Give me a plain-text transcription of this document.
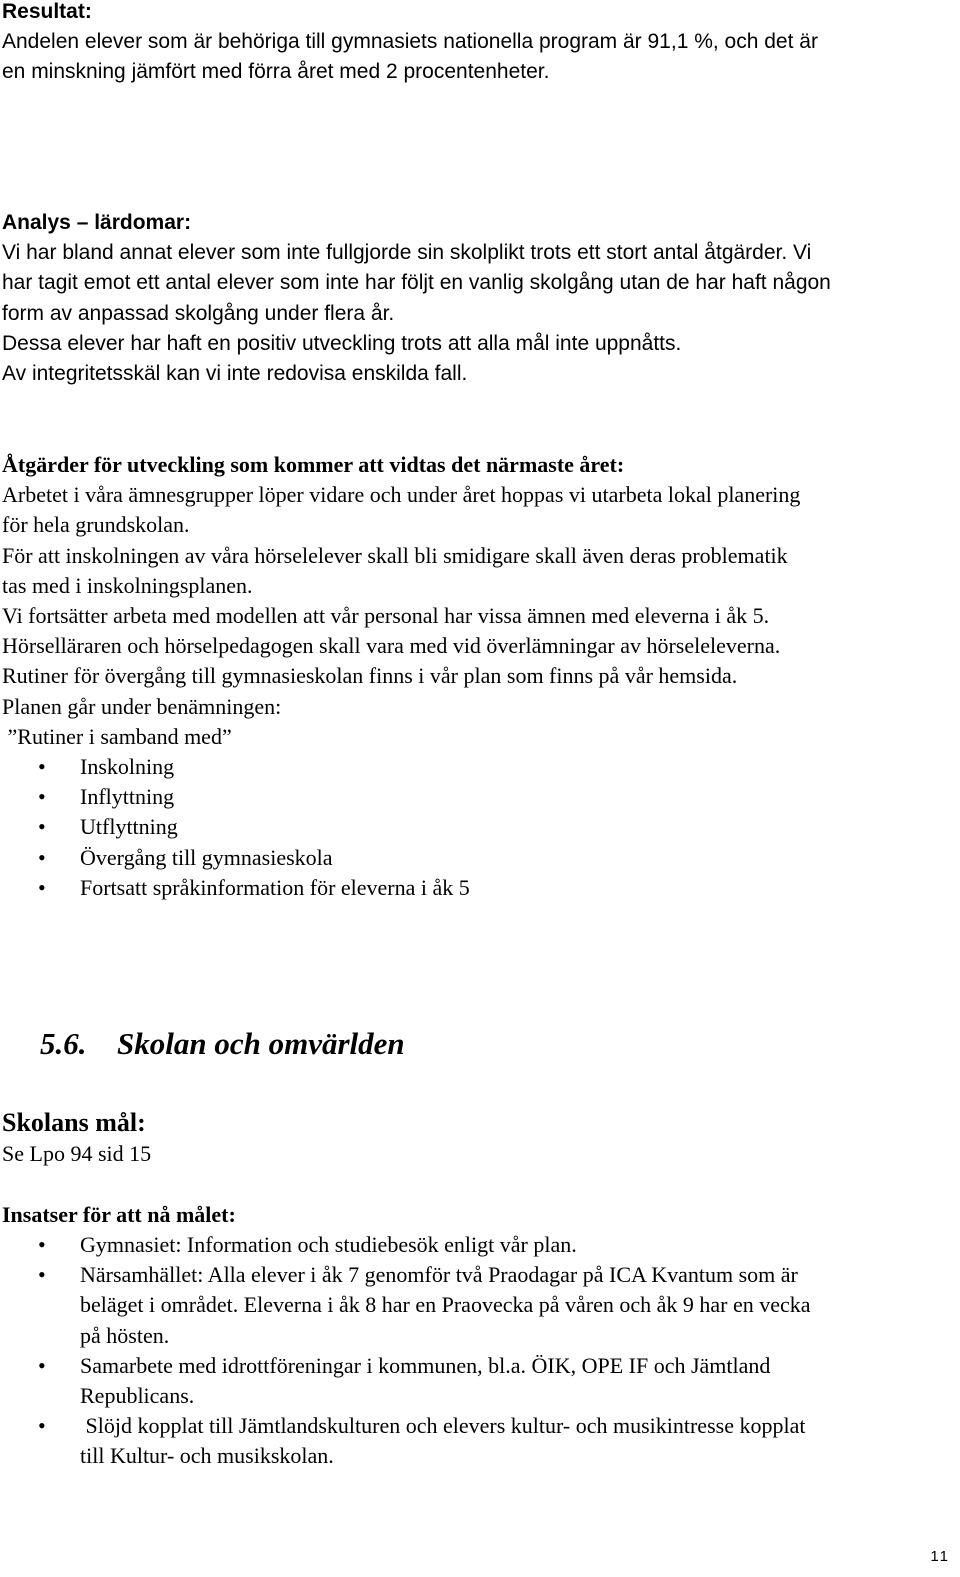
Resultat:
Andelen elever som är behöriga till gymnasiets nationella program är 91,1 %, och det är
en minskning jämfört med förra året med 2 procentenheter.
Analys – lärdomar:
Vi har bland annat elever som inte fullgjorde sin skolplikt trots ett stort antal åtgärder. Vi
har tagit emot ett antal elever som inte har följt en vanlig skolgång utan de har haft någon
form av anpassad skolgång under flera år.
Dessa elever har haft en positiv utveckling trots att alla mål inte uppnåtts.
Av integritetsskäl kan vi inte redovisa enskilda fall.
Åtgärder för utveckling som kommer att vidtas det närmaste året:
Arbetet i våra ämnesgrupper löper vidare och under året hoppas vi utarbeta lokal planering
för hela grundskolan.
För att inskolningen av våra hörselelever skall bli smidigare skall även deras problematik
tas med i inskolningsplanen.
Vi fortsätter arbeta med modellen att vår personal har vissa ämnen med eleverna i åk 5.
Hörselläraren och hörselpedagogen skall vara med vid överlämningar av hörseleleverna.
Rutiner för övergång till gymnasieskolan finns i vår plan som finns på vår hemsida.
Planen går under benämningen:
”Rutiner i samband med”
• Inskolning
• Inflyttning
• Utflyttning
• Övergång till gymnasieskola
• Fortsatt språkinformation för eleverna i åk 5
5.6. Skolan och omvärlden
Skolans mål:
Se Lpo 94 sid 15
Insatser för att nå målet:
• Gymnasiet: Information och studiebesök enligt vår plan.
• Närsamhället: Alla elever i åk 7 genomför två Praodagar på ICA Kvantum som är
beläget i området. Eleverna i åk 8 har en Praovecka på våren och åk 9 har en vecka
på hösten.
• Samarbete med idrottföreningar i kommunen, bl.a. ÖIK, OPE IF och Jämtland
Republicans.
•  Slöjd kopplat till Jämtlandskulturen och elevers kultur- och musikintresse kopplat
till Kultur- och musikskolan.
11
